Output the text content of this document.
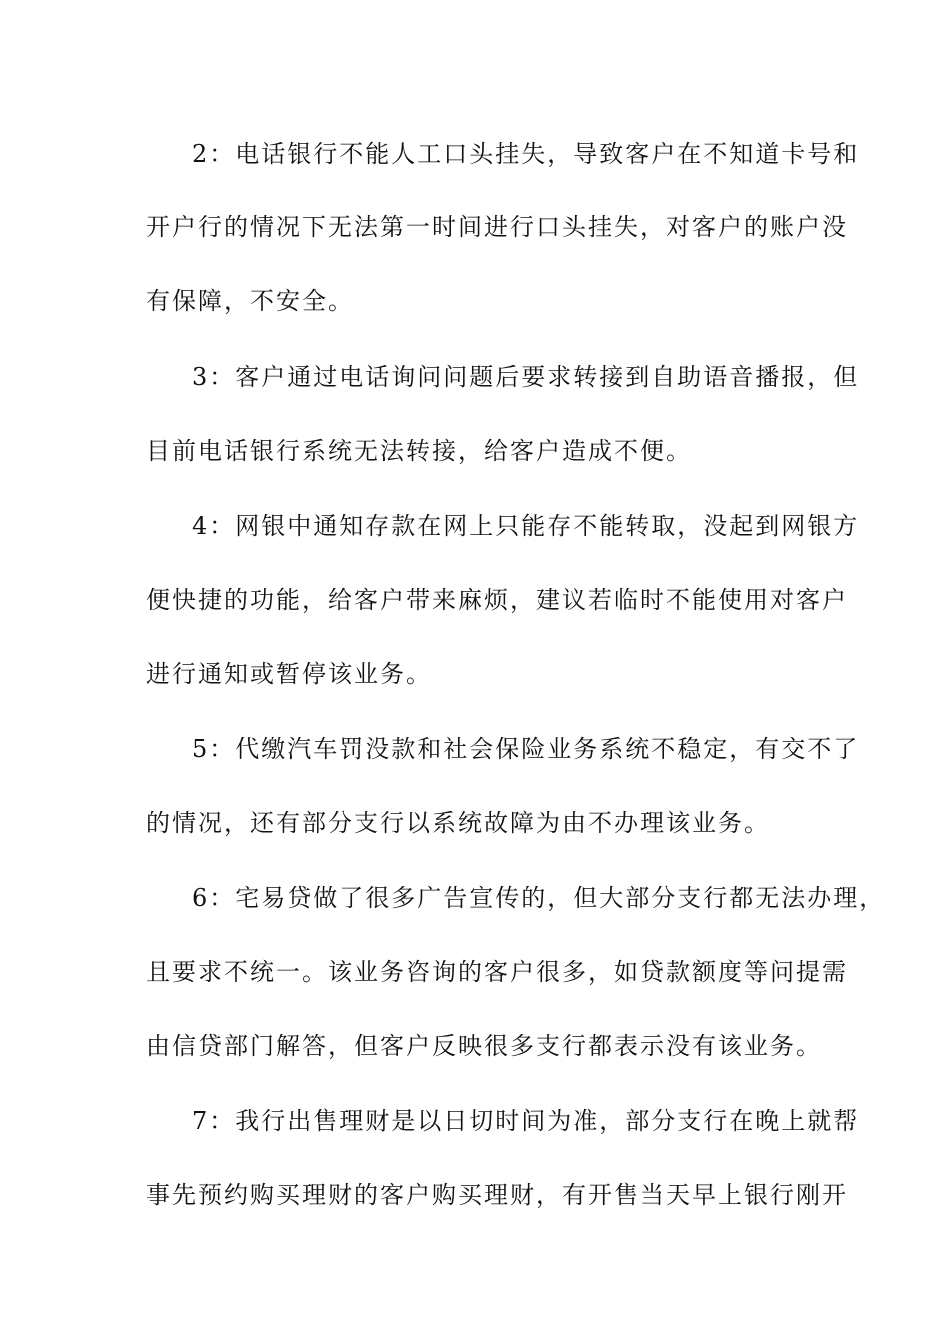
2：电话银行不能人工口头挂失，导致客户在不知道卡号和
开户行的情况下无法第一时间进行口头挂失，对客户的账户没
有保障，不安全。
3：客户通过电话询问问题后要求转接到自助语音播报，但
目前电话银行系统无法转接，给客户造成不便。
4：网银中通知存款在网上只能存不能转取，没起到网银方
便快捷的功能，给客户带来麻烦，建议若临时不能使用对客户
进行通知或暂停该业务。
5：代缴汽车罚没款和社会保险业务系统不稳定，有交不了
的情况，还有部分支行以系统故障为由不办理该业务。
6：宅易贷做了很多广告宣传的，但大部分支行都无法办理，
且要求不统一。该业务咨询的客户很多，如贷款额度等问提需
由信贷部门解答，但客户反映很多支行都表示没有该业务。
7：我行出售理财是以日切时间为准，部分支行在晚上就帮
事先预约购买理财的客户购买理财，有开售当天早上银行刚开
